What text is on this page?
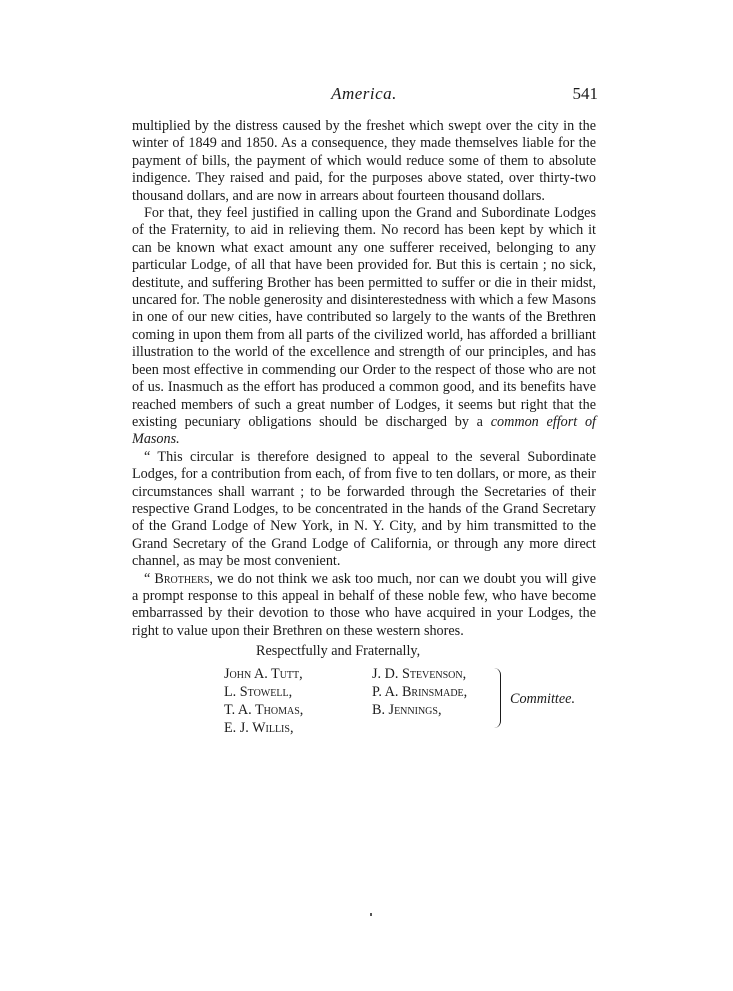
America.	541

multiplied by the distress caused by the freshet which swept over the city in the winter of 1849 and 1850. As a consequence, they made themselves liable for the payment of bills, the payment of which would reduce some of them to absolute indigence. They raised and paid, for the purposes above stated, over thirty-two thousand dollars, and are now in arrears about fourteen thousand dollars.

For that, they feel justified in calling upon the Grand and Subordinate Lodges of the Fraternity, to aid in relieving them. No record has been kept by which it can be known what exact amount any one sufferer received, belonging to any particular Lodge, of all that have been provided for. But this is certain ; no sick, destitute, and suffering Brother has been permitted to suffer or die in their midst, uncared for. The noble generosity and disinterestedness with which a few Masons in one of our new cities, have contributed so largely to the wants of the Brethren coming in upon them from all parts of the civilized world, has afforded a brilliant illustration to the world of the excellence and strength of our principles, and has been most effective in commending our Order to the respect of those who are not of us. Inasmuch as the effort has produced a common good, and its benefits have reached members of such a great number of Lodges, it seems but right that the existing pecuniary obligations should be discharged by a common effort of Masons.

“ This circular is therefore designed to appeal to the several Subordinate Lodges, for a contribution from each, of from five to ten dollars, or more, as their circumstances shall warrant ; to be forwarded through the Secretaries of their respective Grand Lodges, to be concentrated in the hands of the Grand Secretary of the Grand Lodge of New York, in N. Y. City, and by him transmitted to the Grand Secretary of the Grand Lodge of California, or through any more direct channel, as may be most convenient.

“ Brothers, we do not think we ask too much, nor can we doubt you will give a prompt response to this appeal in behalf of these noble few, who have become embarrassed by their devotion to those who have acquired in your Lodges, the right to value upon their Brethren on these western shores.

Respectfully and Fraternally,
John A. Tutt,
L. Stowell,
T. A. Thomas,
E. J. Willis,
J. D. Stevenson,
P. A. Brinsmade,
B. Jennings,
Committee.
